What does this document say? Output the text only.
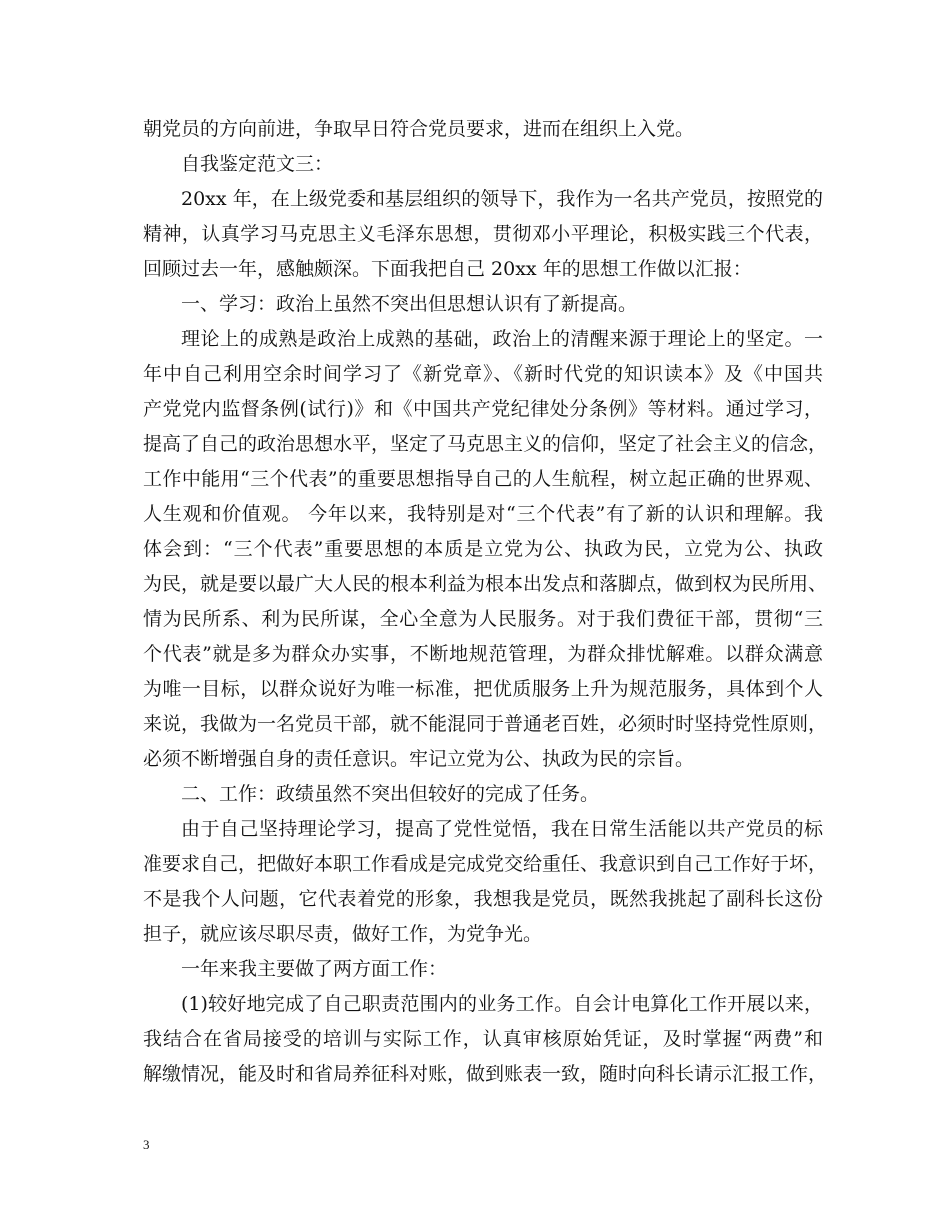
朝党员的方向前进，争取早日符合党员要求，进而在组织上入党。
自我鉴定范文三：
20xx 年，在上级党委和基层组织的领导下，我作为一名共产党员，按照党的
精神，认真学习马克思主义毛泽东思想，贯彻邓小平理论，积极实践三个代表，
回顾过去一年，感触颇深。下面我把自己 20xx 年的思想工作做以汇报：
一、学习：政治上虽然不突出但思想认识有了新提高。
理论上的成熟是政治上成熟的基础，政治上的清醒来源于理论上的坚定。一
年中自己利用空余时间学习了《新党章》、《新时代党的知识读本》及《中国共
产党党内监督条例(试行)》和《中国共产党纪律处分条例》等材料。通过学习，
提高了自己的政治思想水平，坚定了马克思主义的信仰，坚定了社会主义的信念，
工作中能用“三个代表”的重要思想指导自己的人生航程，树立起正确的世界观、
人生观和价值观。 今年以来，我特别是对“三个代表”有了新的认识和理解。我
体会到：“三个代表”重要思想的本质是立党为公、执政为民，立党为公、执政
为民，就是要以最广大人民的根本利益为根本出发点和落脚点，做到权为民所用、
情为民所系、利为民所谋，全心全意为人民服务。对于我们费征干部，贯彻“三
个代表”就是多为群众办实事，不断地规范管理，为群众排忧解难。以群众满意
为唯一目标，以群众说好为唯一标准，把优质服务上升为规范服务，具体到个人
来说，我做为一名党员干部，就不能混同于普通老百姓，必须时时坚持党性原则，
必须不断增强自身的责任意识。牢记立党为公、执政为民的宗旨。
二、工作：政绩虽然不突出但较好的完成了任务。
由于自己坚持理论学习，提高了党性觉悟，我在日常生活能以共产党员的标
准要求自己，把做好本职工作看成是完成党交给重任、我意识到自己工作好于坏，
不是我个人问题，它代表着党的形象，我想我是党员，既然我挑起了副科长这份
担子，就应该尽职尽责，做好工作，为党争光。
一年来我主要做了两方面工作：
(1)较好地完成了自己职责范围内的业务工作。自会计电算化工作开展以来，
我结合在省局接受的培训与实际工作，认真审核原始凭证，及时掌握“两费”和
解缴情况，能及时和省局养征科对账，做到账表一致，随时向科长请示汇报工作，
3
